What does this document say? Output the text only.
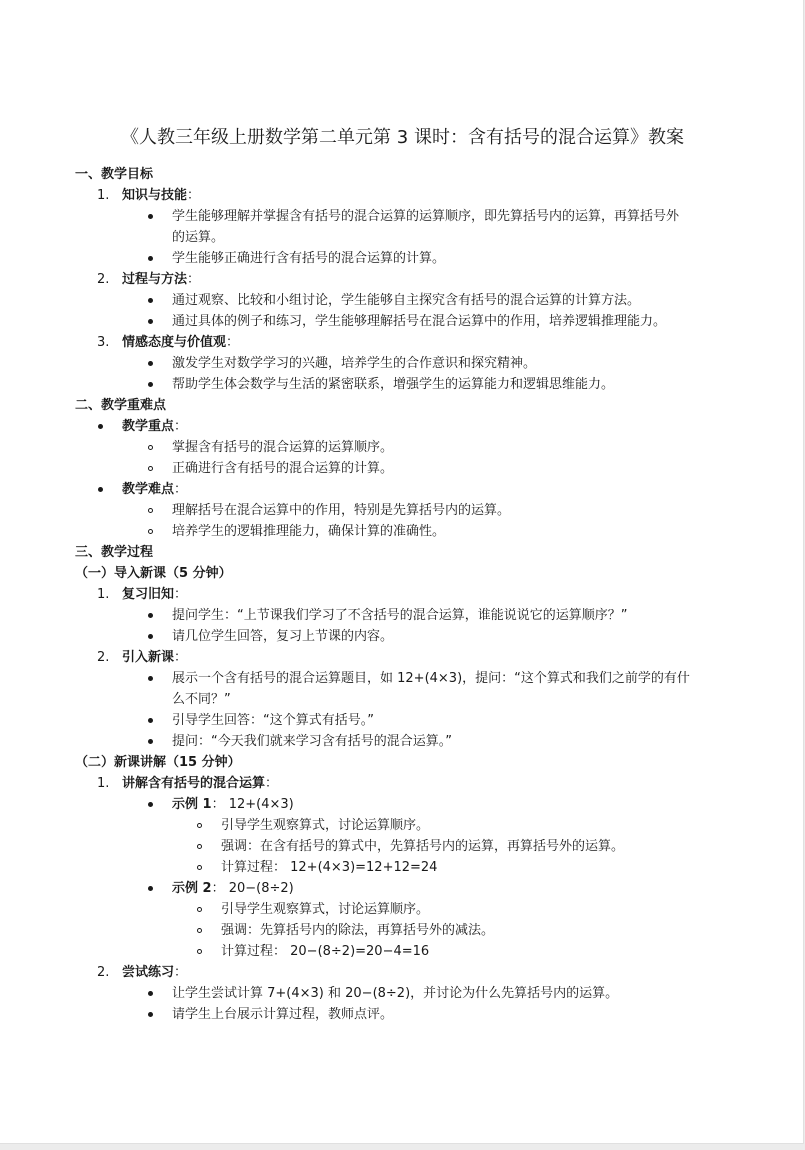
《人教三年级上册数学第二单元第 3 课时：含有括号的混合运算》教案
一、教学目标
1. 知识与技能：
学生能够理解并掌握含有括号的混合运算的运算顺序，即先算括号内的运算，再算括号外
的运算。
学生能够正确进行含有括号的混合运算的计算。
2. 过程与方法：
通过观察、比较和小组讨论，学生能够自主探究含有括号的混合运算的计算方法。
通过具体的例子和练习，学生能够理解括号在混合运算中的作用，培养逻辑推理能力。
3. 情感态度与价值观：
激发学生对数学学习的兴趣，培养学生的合作意识和探究精神。
帮助学生体会数学与生活的紧密联系，增强学生的运算能力和逻辑思维能力。
二、教学重难点
教学重点：
掌握含有括号的混合运算的运算顺序。
正确进行含有括号的混合运算的计算。
教学难点：
理解括号在混合运算中的作用，特别是先算括号内的运算。
培养学生的逻辑推理能力，确保计算的准确性。
三、教学过程
（一）导入新课（5 分钟）
1. 复习旧知：
提问学生：“上节课我们学习了不含括号的混合运算，谁能说说它的运算顺序？”
请几位学生回答，复习上节课的内容。
2. 引入新课：
展示一个含有括号的混合运算题目，如 12+(4×3)，提问：“这个算式和我们之前学的有什
么不同？”
引导学生回答：“这个算式有括号。”
提问：“今天我们就来学习含有括号的混合运算。”
（二）新课讲解（15 分钟）
1. 讲解含有括号的混合运算：
示例 1： 12+(4×3)
引导学生观察算式，讨论运算顺序。
强调：在含有括号的算式中，先算括号内的运算，再算括号外的运算。
计算过程： 12+(4×3)=12+12=24
示例 2： 20−(8÷2)
引导学生观察算式，讨论运算顺序。
强调：先算括号内的除法，再算括号外的减法。
计算过程： 20−(8÷2)=20−4=16
2. 尝试练习：
让学生尝试计算 7+(4×3) 和 20−(8÷2)，并讨论为什么先算括号内的运算。
请学生上台展示计算过程，教师点评。
